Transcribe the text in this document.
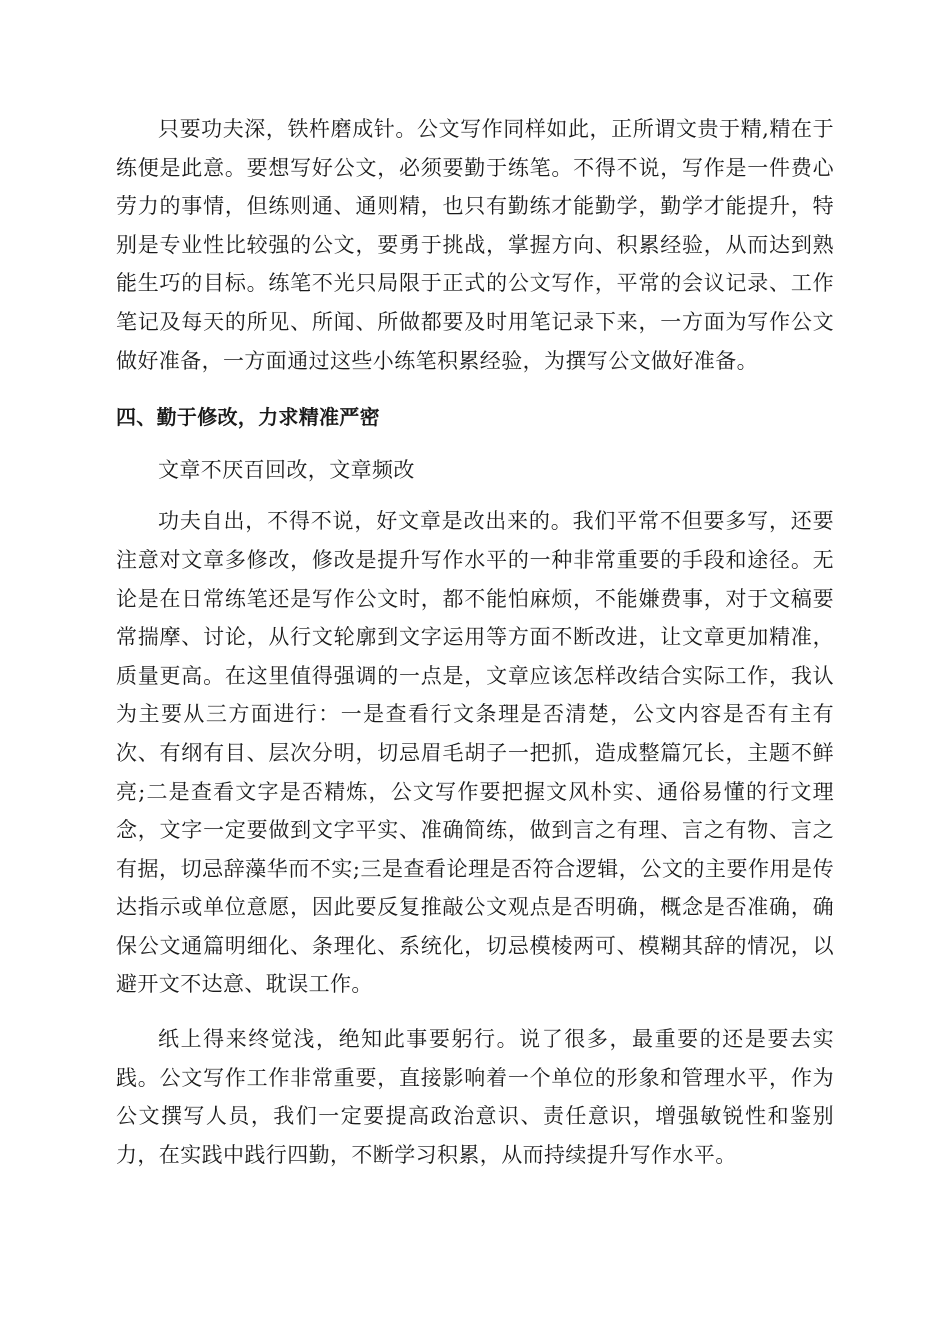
只要功夫深，铁杵磨成针。公文写作同样如此，正所谓文贵于精,精在于练便是此意。要想写好公文，必须要勤于练笔。不得不说，写作是一件费心劳力的事情，但练则通、通则精，也只有勤练才能勤学，勤学才能提升，特别是专业性比较强的公文，要勇于挑战，掌握方向、积累经验，从而达到熟能生巧的目标。练笔不光只局限于正式的公文写作，平常的会议记录、工作笔记及每天的所见、所闻、所做都要及时用笔记录下来，一方面为写作公文做好准备，一方面通过这些小练笔积累经验，为撰写公文做好准备。

四、勤于修改，力求精准严密

文章不厌百回改，文章频改

功夫自出，不得不说，好文章是改出来的。我们平常不但要多写，还要注意对文章多修改，修改是提升写作水平的一种非常重要的手段和途径。无论是在日常练笔还是写作公文时，都不能怕麻烦，不能嫌费事，对于文稿要常揣摩、讨论，从行文轮廓到文字运用等方面不断改进，让文章更加精准，质量更高。在这里值得强调的一点是，文章应该怎样改结合实际工作，我认为主要从三方面进行：一是查看行文条理是否清楚，公文内容是否有主有次、有纲有目、层次分明，切忌眉毛胡子一把抓，造成整篇冗长，主题不鲜亮;二是查看文字是否精炼，公文写作要把握文风朴实、通俗易懂的行文理念，文字一定要做到文字平实、准确简练，做到言之有理、言之有物、言之有据，切忌辞藻华而不实;三是查看论理是否符合逻辑，公文的主要作用是传达指示或单位意愿，因此要反复推敲公文观点是否明确，概念是否准确，确保公文通篇明细化、条理化、系统化，切忌模棱两可、模糊其辞的情况，以避开文不达意、耽误工作。

纸上得来终觉浅，绝知此事要躬行。说了很多，最重要的还是要去实践。公文写作工作非常重要，直接影响着一个单位的形象和管理水平，作为公文撰写人员，我们一定要提高政治意识、责任意识，增强敏锐性和鉴别力，在实践中践行四勤，不断学习积累，从而持续提升写作水平。
